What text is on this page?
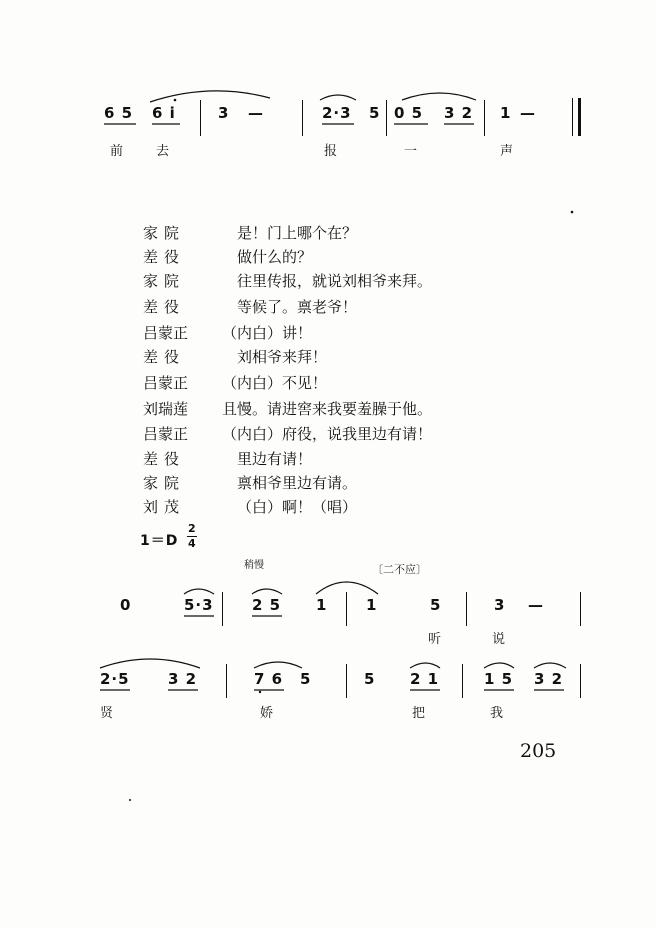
6 5 6 i	3 —	2·3 5 0 5 3 2 1 —
前	去	报	一	声
家院	是！门上哪个在？
差役	做什么的？
家院	往里传报，就说刘相爷来拜。
差役	等候了。禀老爷！
吕蒙正	（内白）讲！
差役	刘相爷来拜！
吕蒙正	（内白）不见！
刘瑞莲	且慢。请进窖来我要羞臊于他。
吕蒙正	（内白）府役，说我里边有请！
差役	里边有请！
家院	禀相爷里边有请。
刘茂	（白）啊！（唱）
1＝D
2
4
稍慢	〔二不应〕
0	5·3	2 5 1	1	5	3 —
听	说
2·5	3 2	7 6 5	5 2 1	1 5 3 2
贤	娇	把	我
205
